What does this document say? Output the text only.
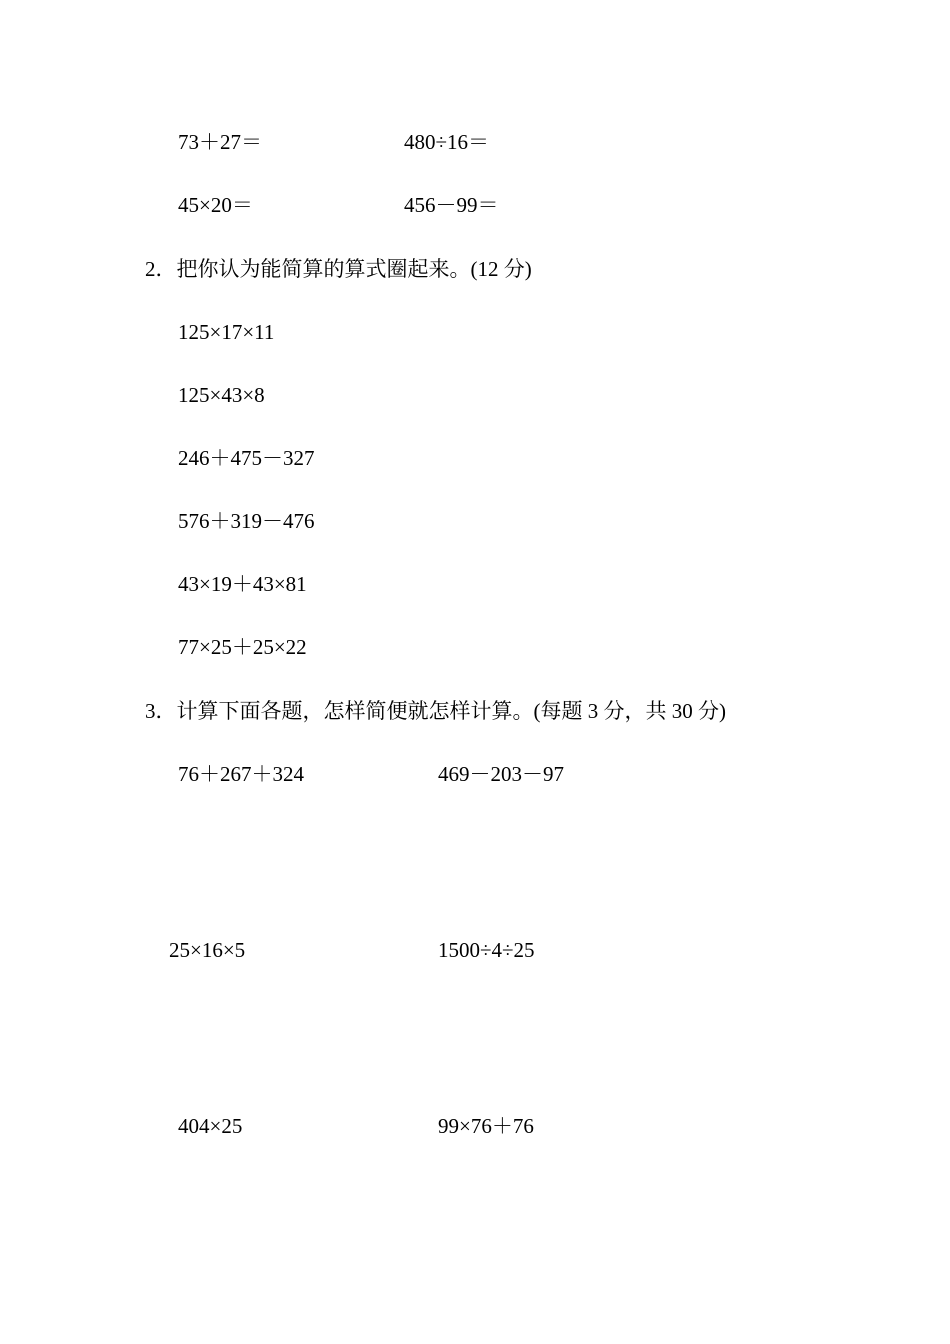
73＋27＝	480÷16＝
45×20＝	456－99＝
2．把你认为能简算的算式圈起来。(12 分)
125×17×11
125×43×8
246＋475－327
576＋319－476
43×19＋43×81
77×25＋25×22
3．计算下面各题，怎样简便就怎样计算。(每题 3 分，共 30 分)
76＋267＋324	469－203－97
25×16×5	1500÷4÷25
404×25	99×76＋76
